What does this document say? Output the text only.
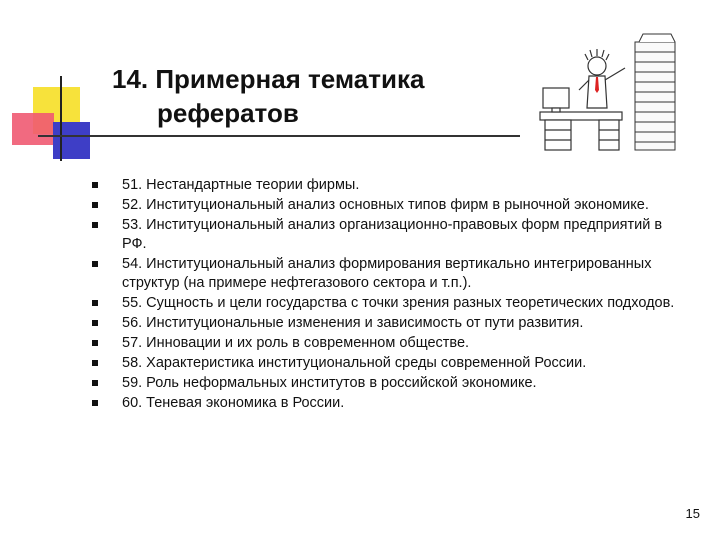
14. Примерная тематика
рефератов
51. Нестандартные теории фирмы.
52. Институциональный анализ основных типов фирм в рыночной экономике.
53. Институциональный анализ организационно-правовых форм предприятий в РФ.
54. Институциональный анализ формирования вертикально интегрированных структур (на примере нефтегазового сектора и т.п.).
55. Сущность и цели государства с точки зрения разных теоретических подходов.
56. Институциональные изменения и зависимость от пути развития.
57. Инновации и их роль в современном обществе.
58. Характеристика институциональной среды современной России.
59. Роль неформальных институтов в российской экономике.
60. Теневая экономика в России.
15
